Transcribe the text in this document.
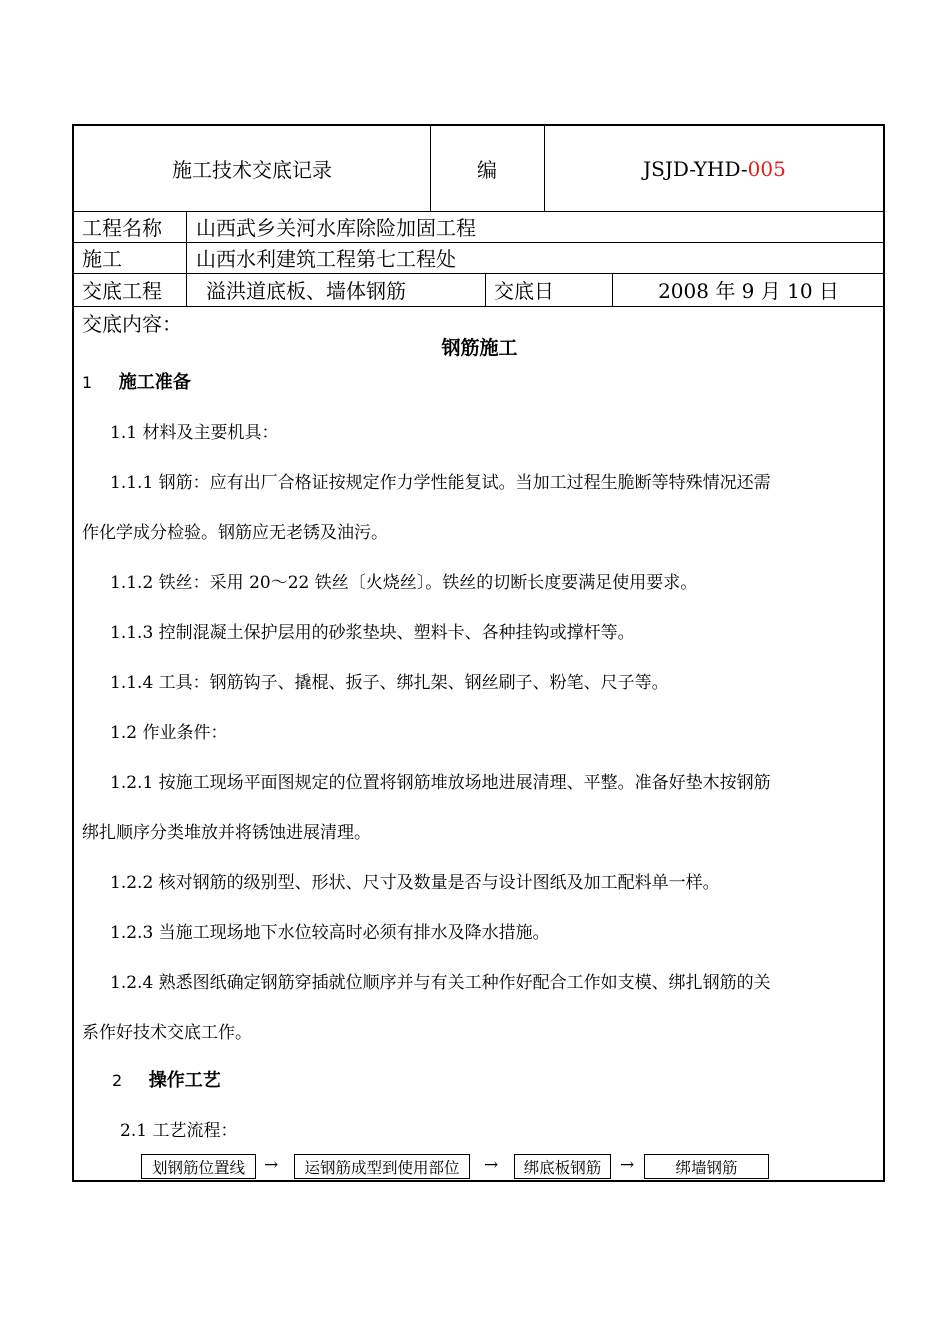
施工技术交底记录	编	JSJD-YHD- 005
工程名称 山西武乡关河水库除险加固工程
施工	山西水利建筑工程第七工程处
交底工程 溢洪道底板、墙体钢筋	交底日	2008 年 9 月 10 日
交底内容：
钢筋施工
1 施工准备
1.1 材料及主要机具：
1.1.1 钢筋：应有出厂合格证按规定作力学性能复试。当加工过程生脆断等特殊情况还需
作化学成分检验。钢筋应无老锈及油污。
1.1.2 铁丝：采用 20～22 铁丝〔火烧丝〕。铁丝的切断长度要满足使用要求。
1.1.3 控制混凝土保护层用的砂浆垫块、塑料卡、各种挂钩或撑杆等。
1.1.4 工具：钢筋钩子、撬棍、扳子、绑扎架、钢丝刷子、粉笔、尺子等。
1.2 作业条件：
1.2.1 按施工现场平面图规定的位置将钢筋堆放场地进展清理、平整。准备好垫木按钢筋
绑扎顺序分类堆放并将锈蚀进展清理。
1.2.2 核对钢筋的级别型、形状、尺寸及数量是否与设计图纸及加工配料单一样。
1.2.3 当施工现场地下水位较高时必须有排水及降水措施。
1.2.4 熟悉图纸确定钢筋穿插就位顺序并与有关工种作好配合工作如支模、绑扎钢筋的关
系作好技术交底工作。
2 操作工艺
2.1 工艺流程：
划钢筋位置线	→	运钢筋成型到使用部位	→	绑底板钢筋	→	绑墙钢筋
